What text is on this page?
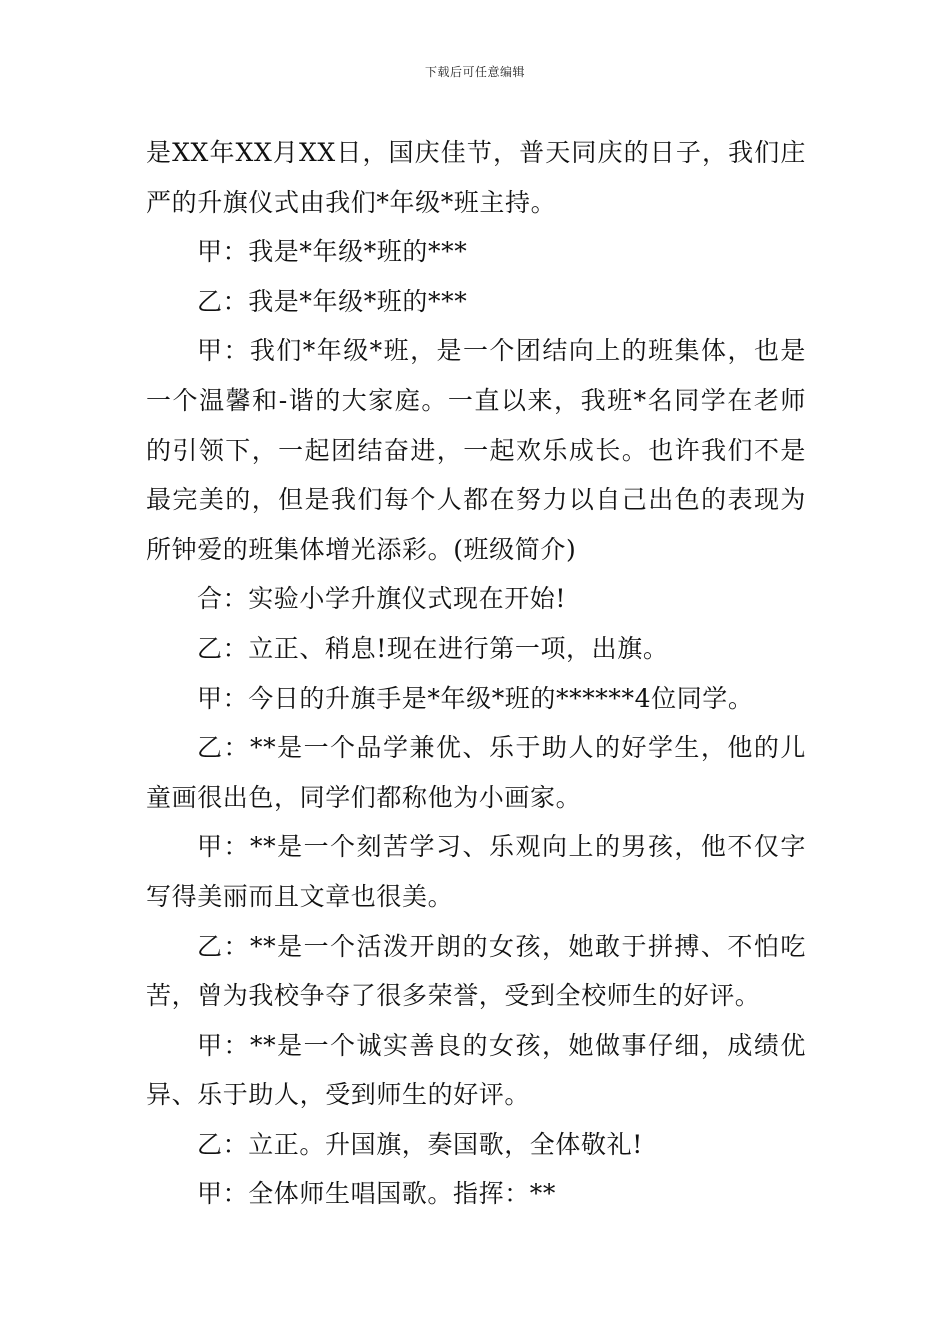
下载后可任意编辑

是XX年XX月XX日，国庆佳节，普天同庆的日子，我们庄严的升旗仪式由我们*年级*班主持。

甲：我是*年级*班的***

乙：我是*年级*班的***

甲：我们*年级*班，是一个团结向上的班集体，也是一个温馨和-谐的大家庭。一直以来，我班*名同学在老师的引领下，一起团结奋进，一起欢乐成长。也许我们不是最完美的，但是我们每个人都在努力以自己出色的表现为所钟爱的班集体增光添彩。(班级简介)

合：实验小学升旗仪式现在开始!

乙：立正、稍息!现在进行第一项，出旗。

甲：今日的升旗手是*年级*班的******4位同学。

乙：**是一个品学兼优、乐于助人的好学生，他的儿童画很出色，同学们都称他为小画家。

甲：**是一个刻苦学习、乐观向上的男孩，他不仅字写得美丽而且文章也很美。

乙：**是一个活泼开朗的女孩，她敢于拼搏、不怕吃苦，曾为我校争夺了很多荣誉，受到全校师生的好评。

甲：**是一个诚实善良的女孩，她做事仔细，成绩优异、乐于助人，受到师生的好评。

乙：立正。升国旗，奏国歌，全体敬礼!

甲：全体师生唱国歌。指挥：**
